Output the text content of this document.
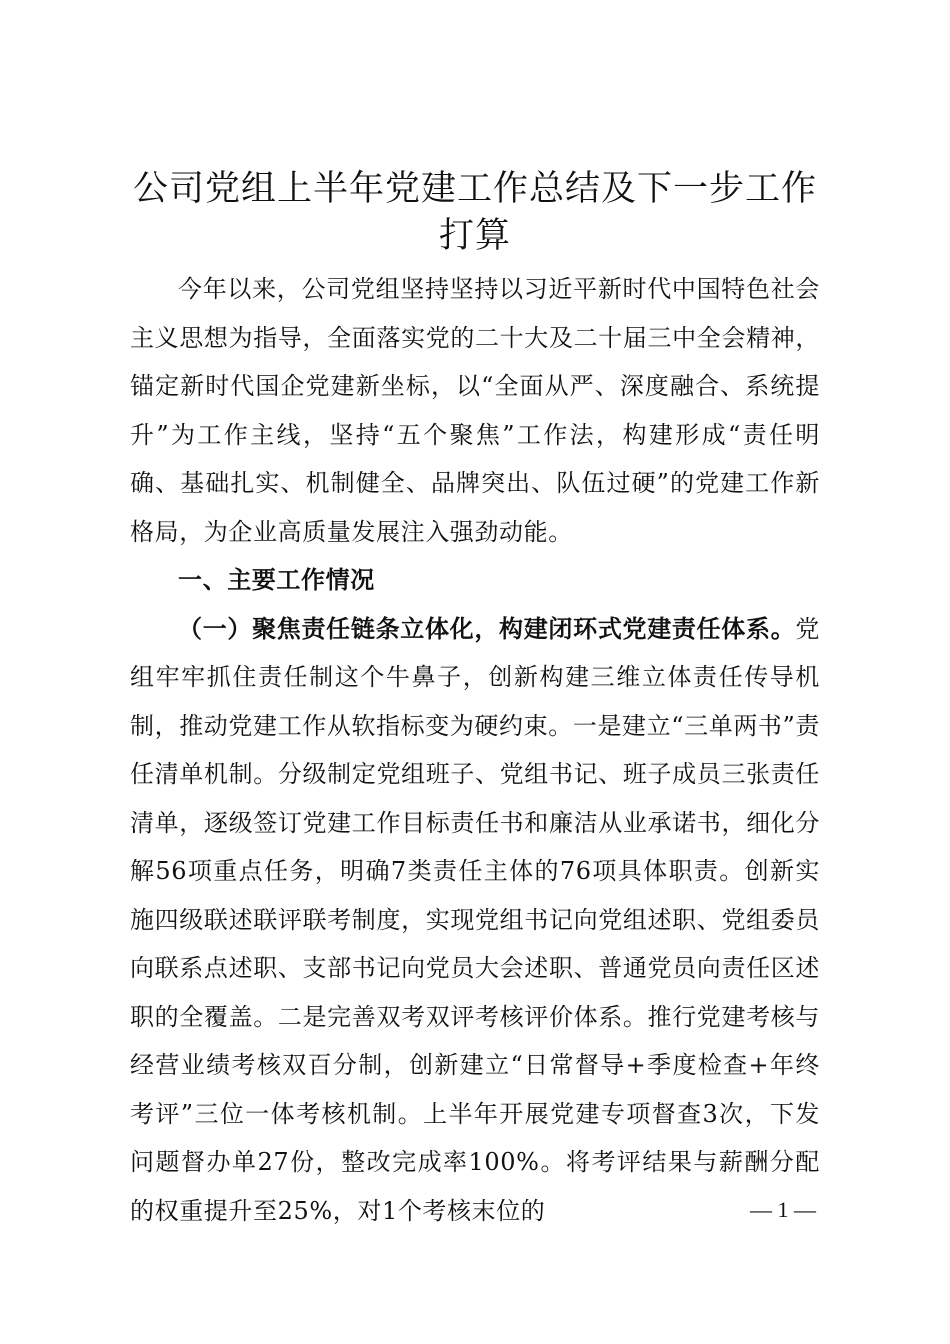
公司党组上半年党建工作总结及下一步工作打算

今年以来，公司党组坚持坚持以习近平新时代中国特色社会主义思想为指导，全面落实党的二十大及二十届三中全会精神，锚定新时代国企党建新坐标，以“全面从严、深度融合、系统提升”为工作主线，坚持“五个聚焦”工作法，构建形成“责任明确、基础扎实、机制健全、品牌突出、队伍过硬”的党建工作新格局，为企业高质量发展注入强劲动能。

一、主要工作情况

（一）聚焦责任链条立体化，构建闭环式党建责任体系。党组牢牢抓住责任制这个牛鼻子，创新构建三维立体责任传导机制，推动党建工作从软指标变为硬约束。一是建立“三单两书”责任清单机制。分级制定党组班子、党组书记、班子成员三张责任清单，逐级签订党建工作目标责任书和廉洁从业承诺书，细化分解56项重点任务，明确7类责任主体的76项具体职责。创新实施四级联述联评联考制度，实现党组书记向党组述职、党组委员向联系点述职、支部书记向党员大会述职、普通党员向责任区述职的全覆盖。二是完善双考双评考核评价体系。推行党建考核与经营业绩考核双百分制，创新建立“日常督导+季度检查+年终考评”三位一体考核机制。上半年开展党建专项督查3次，下发问题督办单27份，整改完成率100%。将考评结果与薪酬分配的权重提升至25%，对1个考核末位的	— 1 —
